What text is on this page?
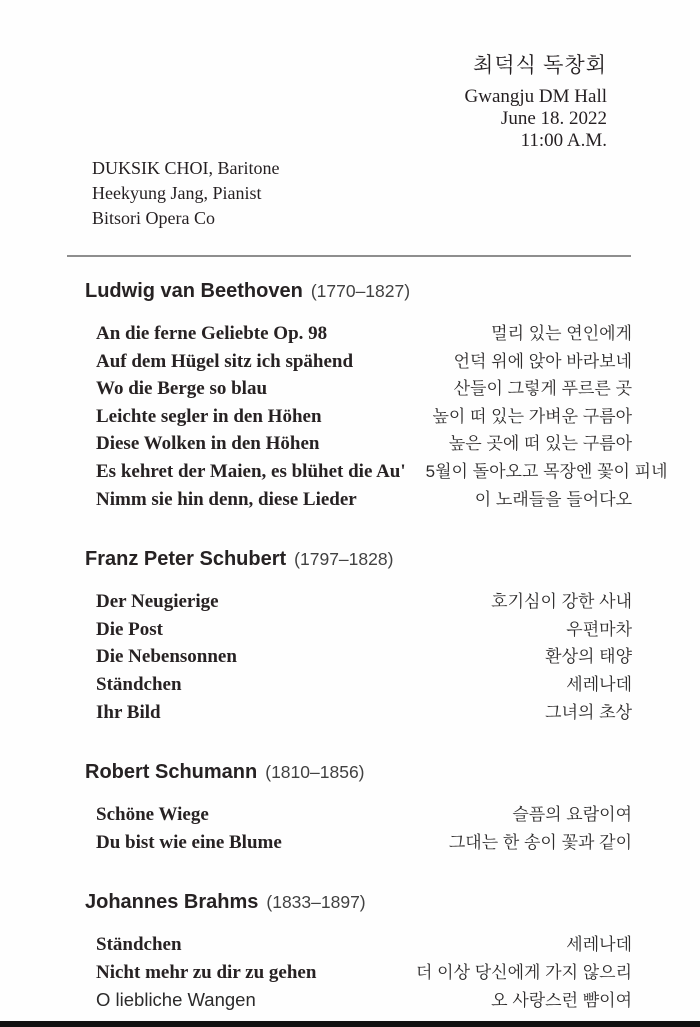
최덕식 독창회
Gwangju DM Hall
June 18. 2022
11:00 A.M.
DUKSIK CHOI, Baritone
Heekyung Jang, Pianist
Bitsori Opera Co
Ludwig van Beethoven (1770–1827)
An die ferne Geliebte Op. 98	멀리 있는 연인에게
Auf dem Hügel sitz ich spähend	언덕 위에 앉아 바라보네
Wo die Berge so blau	산들이 그렇게 푸르른 곳
Leichte segler in den Höhen	높이 떠 있는 가벼운 구름아
Diese Wolken in den Höhen	높은 곳에 떠 있는 구름아
Es kehret der Maien, es blühet die Au' 5월이 돌아오고 목장엔 꽃이 피네
Nimm sie hin denn, diese Lieder	이 노래들을 들어다오
Franz Peter Schubert (1797–1828)
Der Neugierige	호기심이 강한 사내
Die Post	우편마차
Die Nebensonnen	환상의 태양
Ständchen	세레나데
Ihr Bild	그녀의 초상
Robert Schumann (1810–1856)
Schöne Wiege	슬픔의 요람이여
Du bist wie eine Blume	그대는 한 송이 꽃과 같이
Johannes Brahms (1833–1897)
Ständchen	세레나데
Nicht mehr zu dir zu gehen	더 이상 당신에게 가지 않으리
O liebliche Wangen	오 사랑스런 뺨이여
